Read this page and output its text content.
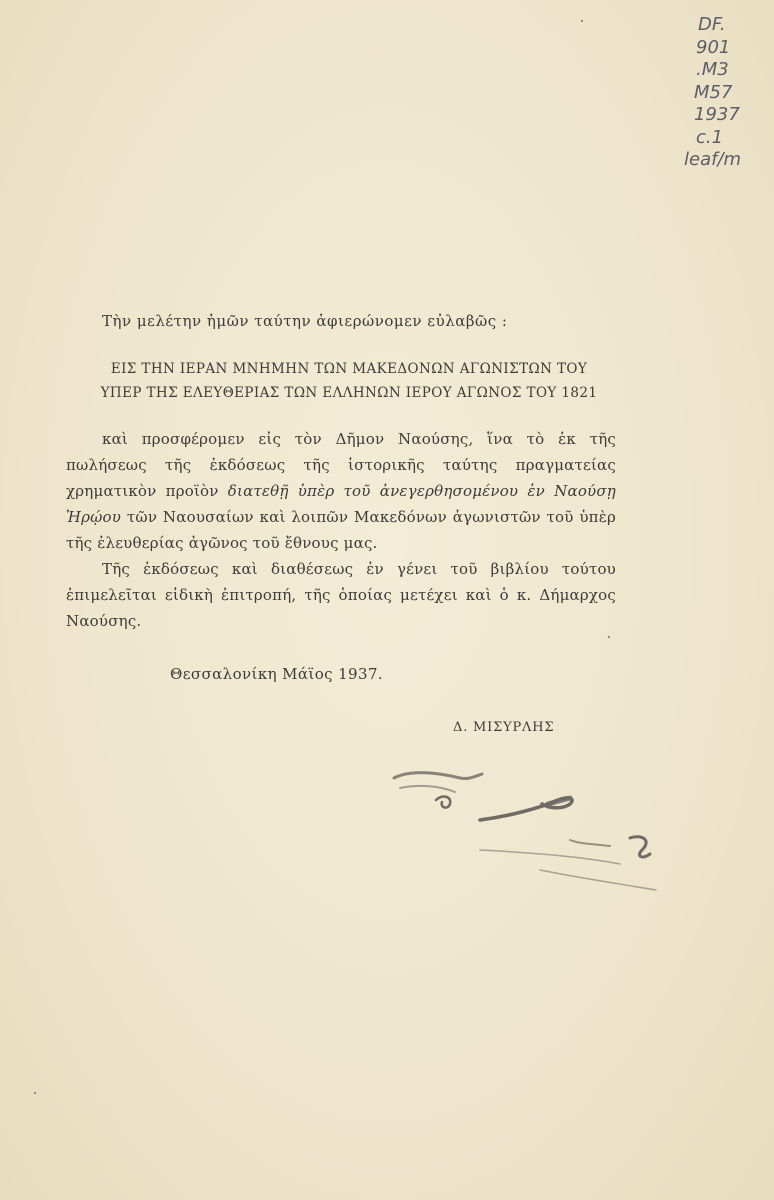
DF.
901
.M3
M57
1937
c.1
leaf/m
Τὴν μελέτην ἡμῶν ταύτην ἀφιερώνομεν εὐλαβῶς :
ΕΙΣ ΤΗΝ ΙΕΡΑΝ ΜΝΗΜΗΝ ΤΩΝ ΜΑΚΕΔΟΝΩΝ ΑΓΩΝΙΣΤΩΝ ΤΟΥ
ΥΠΕΡ ΤΗΣ ΕΛΕΥΘΕΡΙΑΣ ΤΩΝ ΕΛΛΗΝΩΝ ΙΕΡΟΥ ΑΓΩΝΟΣ ΤΟΥ 1821

καὶ προσφέρομεν εἰς τὸν Δῆμον Ναούσης, ἵνα τὸ ἐκ τῆς πωλήσεως τῆς ἐκδόσεως τῆς ἱστορικῆς ταύτης πραγματείας χρηματικὸν προϊὸν διατεθῇ ὑπὲρ τοῦ ἀνεγερθησομένου ἐν Ναούσῃ Ἡρῴου τῶν Ναουσαίων καὶ λοιπῶν Μακεδόνων ἀγωνιστῶν τοῦ ὑπὲρ τῆς ἐλευθερίας ἀγῶνος τοῦ ἔθνους μας.

Τῆς ἐκδόσεως καὶ διαθέσεως ἐν γένει τοῦ βιβλίου τούτου ἐπιμελεῖται εἰδικὴ ἐπιτροπή, τῆς ὁποίας μετέχει καὶ ὁ κ. Δήμαρχος Ναούσης.

Θεσσαλονίκη Μάϊος 1937.
Δ. ΜΙΣΥΡΛΗΣ
